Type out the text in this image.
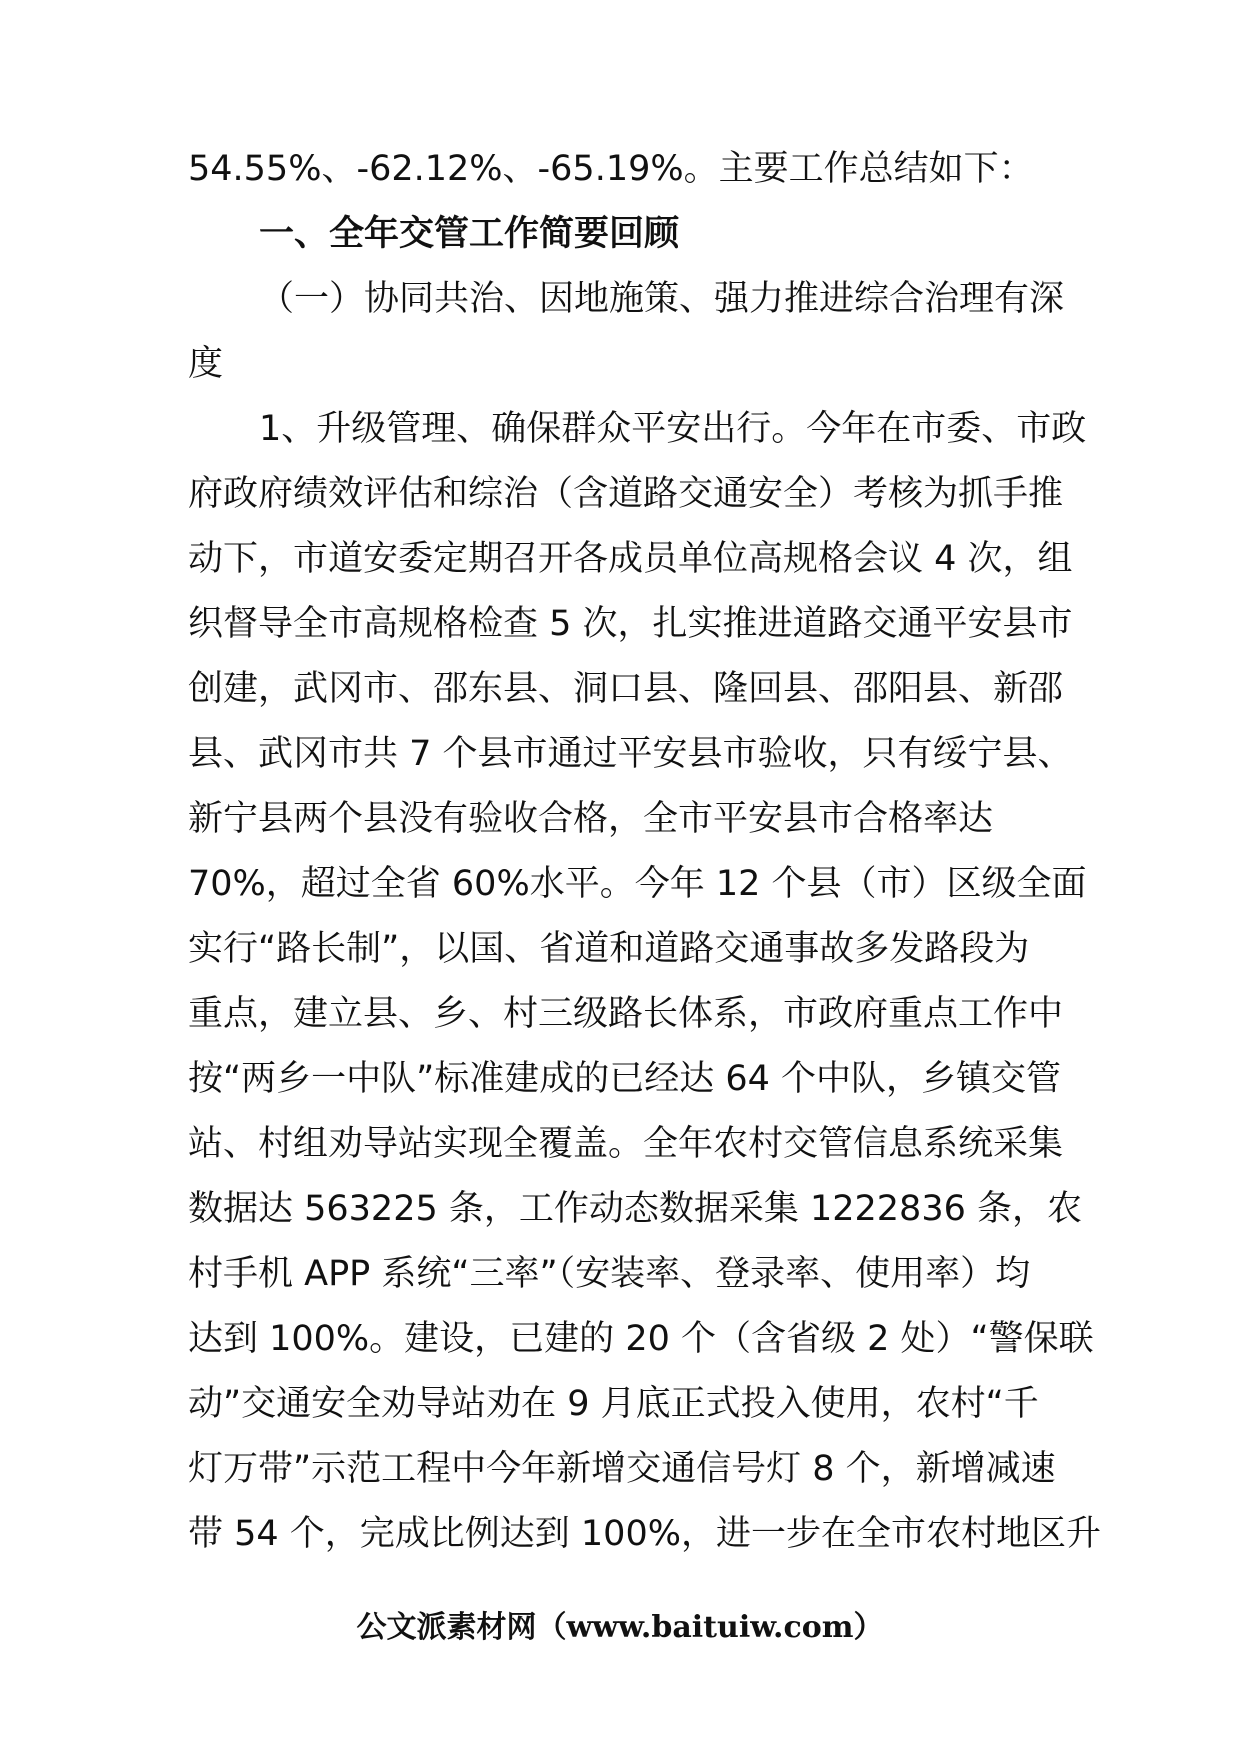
54.55%、-62.12%、-65.19%。主要工作总结如下：
一、全年交管工作简要回顾
（一）协同共治、因地施策、强力推进综合治理有深
度
1、升级管理、确保群众平安出行。今年在市委、市政
府政府绩效评估和综治（含道路交通安全）考核为抓手推
动下，市道安委定期召开各成员单位高规格会议 4 次，组
织督导全市高规格检查 5 次，扎实推进道路交通平安县市
创建，武冈市、邵东县、洞口县、隆回县、邵阳县、新邵
县、武冈市共 7 个县市通过平安县市验收，只有绥宁县、
新宁县两个县没有验收合格，全市平安县市合格率达
70%，超过全省 60%水平。今年 12 个县（市）区级全面
实行“路长制”，以国、省道和道路交通事故多发路段为
重点，建立县、乡、村三级路长体系，市政府重点工作中
按“两乡一中队”标准建成的已经达 64 个中队，乡镇交管
站、村组劝导站实现全覆盖。全年农村交管信息系统采集
数据达 563225 条，工作动态数据采集 1222836 条，农
村手机 APP 系统“三率”（安装率、登录率、使用率）均
达到 100%。建设，已建的 20 个（含省级 2 处）“警保联
动”交通安全劝导站劝在 9 月底正式投入使用，农村“千
灯万带”示范工程中今年新增交通信号灯 8 个，新增减速
带 54 个，完成比例达到 100%，进一步在全市农村地区升
公文派素材网（www.baituiw.com）
